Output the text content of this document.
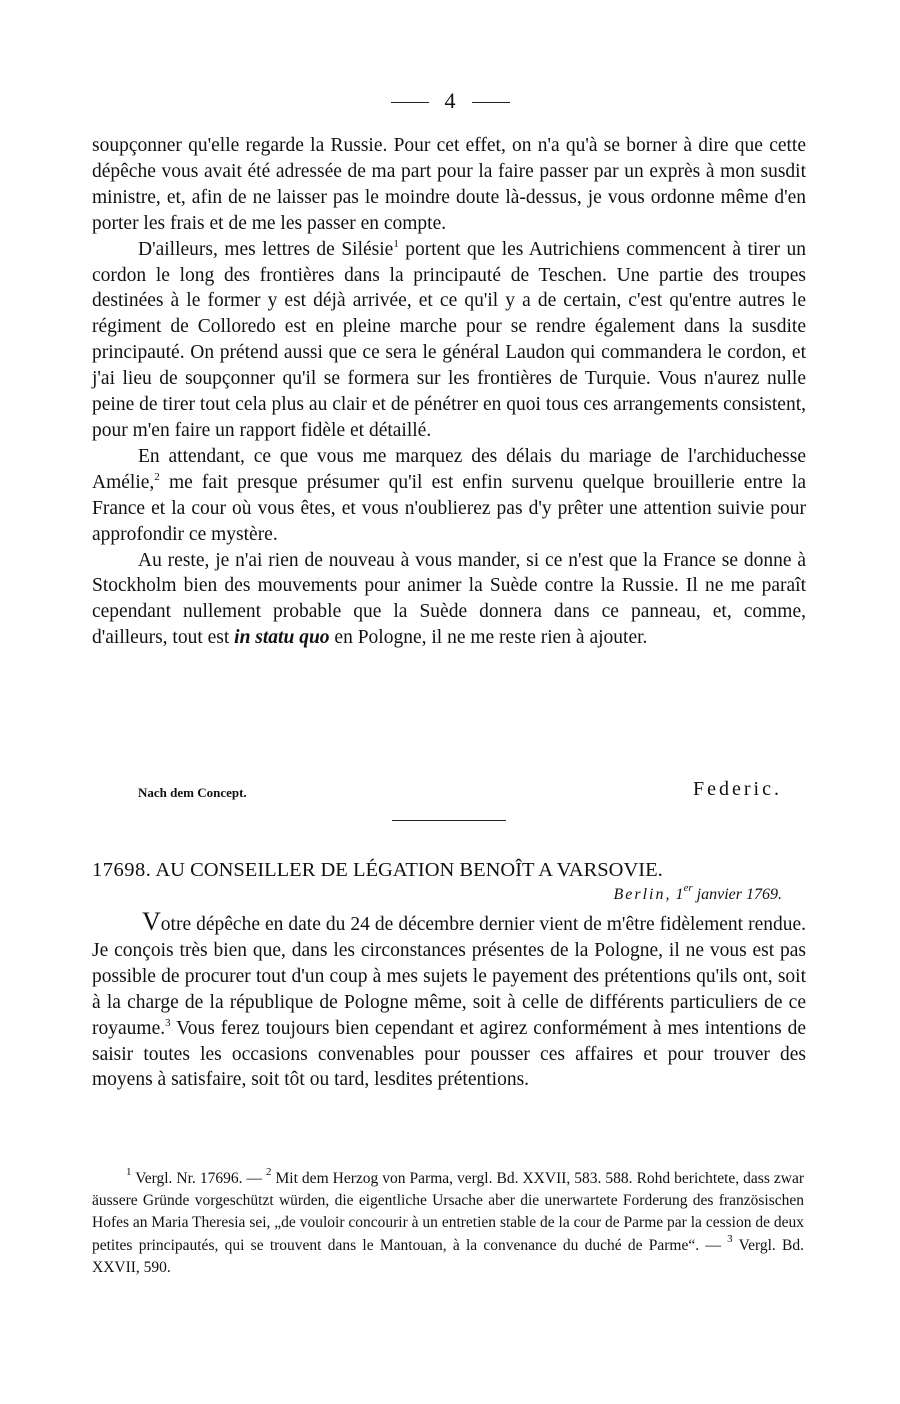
4

soupçonner qu'elle regarde la Russie. Pour cet effet, on n'a qu'à se borner à dire que cette dépêche vous avait été adressée de ma part pour la faire passer par un exprès à mon susdit ministre, et, afin de ne laisser pas le moindre doute là-dessus, je vous ordonne même d'en porter les frais et de me les passer en compte.

D'ailleurs, mes lettres de Silésie$^1$ portent que les Autrichiens commencent à tirer un cordon le long des frontières dans la principauté de Teschen. Une partie des troupes destinées à le former y est déjà arrivée, et ce qu'il y a de certain, c'est qu'entre autres le régiment de Colloredo est en pleine marche pour se rendre également dans la susdite principauté. On prétend aussi que ce sera le général Laudon qui commandera le cordon, et j'ai lieu de soupçonner qu'il se formera sur les frontières de Turquie. Vous n'aurez nulle peine de tirer tout cela plus au clair et de pénétrer en quoi tous ces arrangements consistent, pour m'en faire un rapport fidèle et détaillé.

En attendant, ce que vous me marquez des délais du mariage de l'archiduchesse Amélie,$^2$ me fait presque présumer qu'il est enfin survenu quelque brouillerie entre la France et la cour où vous êtes, et vous n'oublierez pas d'y prêter une attention suivie pour approfondir ce mystère.

Au reste, je n'ai rien de nouveau à vous mander, si ce n'est que la France se donne à Stockholm bien des mouvements pour animer la Suède contre la Russie. Il ne me paraît cependant nullement probable que la Suède donnera dans ce panneau, et, comme, d'ailleurs, tout est in statu quo en Pologne, il ne me reste rien à ajouter.

Nach dem Concept.	Federic.
17698. AU CONSEILLER DE LÉGATION BENOÎT A VARSOVIE.
Berlin, 1er janvier 1769.

Votre dépêche en date du 24 de décembre dernier vient de m'être fidèlement rendue. Je conçois très bien que, dans les circonstances présentes de la Pologne, il ne vous est pas possible de procurer tout d'un coup à mes sujets le payement des prétentions qu'ils ont, soit à la charge de la république de Pologne même, soit à celle de différents particuliers de ce royaume.$^3$ Vous ferez toujours bien cependant et agirez conformément à mes intentions de saisir toutes les occasions convenables pour pousser ces affaires et pour trouver des moyens à satisfaire, soit tôt ou tard, lesdites prétentions.

$^1$ Vergl. Nr. 17696. — $^2$ Mit dem Herzog von Parma, vergl. Bd. XXVII, 583. 588. Rohd berichtete, dass zwar äussere Gründe vorgeschützt würden, die eigentliche Ursache aber die unerwartete Forderung des französischen Hofes an Maria Theresia sei, „de vouloir concourir à un entretien stable de la cour de Parme par la cession de deux petites principautés, qui se trouvent dans le Mantouan, à la convenance du duché de Parme“. — $^3$ Vergl. Bd. XXVII, 590.
